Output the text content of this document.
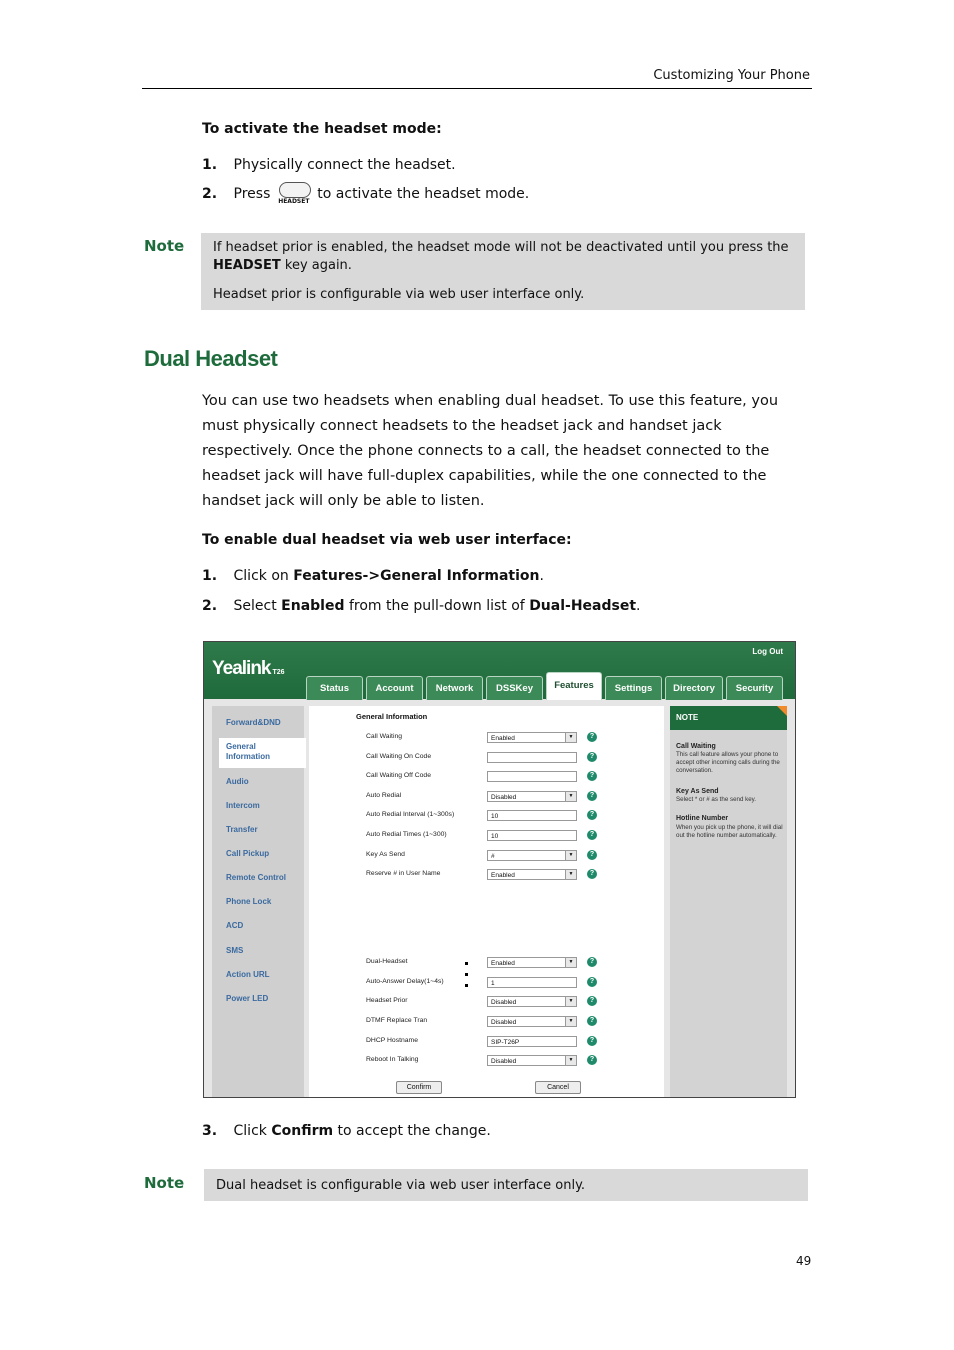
Customizing Your Phone
To activate the headset mode:
1. Physically connect the headset.
2. Press HEADSET to activate the headset mode.
Note If headset prior is enabled, the headset mode will not be deactivated until you press the HEADSET key again.
Headset prior is configurable via web user interface only.
Dual Headset
You can use two headsets when enabling dual headset. To use this feature, you must physically connect headsets to the headset jack and handset jack respectively. Once the phone connects to a call, the headset connected to the headset jack will have full-duplex capabilities, while the one connected to the handset jack will only be able to listen.
To enable dual headset via web user interface:
1. Click on Features->General Information.
2. Select Enabled from the pull-down list of Dual-Headset.
Yealink T26
Log Out
Status	Account	Network	DSSKey	Features	Settings	Directory	Security
Forward&DND
General Information
Audio
Intercom
Transfer
Call Pickup
Remote Control
Phone Lock
ACD
SMS
Action URL
Power LED
General Information
Call Waiting	Enabled	▼	?
Call Waiting On Code	?
Call Waiting Off Code	?
Auto Redial	Disabled	▼	?
Auto Redial Interval (1~300s)	10	?
Auto Redial Times (1~300)	10	?
Key As Send	#	▼	?
Reserve # in User Name	Enabled	▼	?
Dual-Headset	Enabled	▼	?
Auto-Answer Delay(1~4s)	1	?
Headset Prior	Disabled	▼	?
DTMF Replace Tran	Disabled	▼	?
DHCP Hostname	SIP-T26P	?
Reboot In Talking	Disabled	▼	?
Confirm	Cancel
NOTE
Call Waiting
This call feature allows your phone to accept other incoming calls during the conversation.
Key As Send
Select * or # as the send key.
Hotline Number
When you pick up the phone, it will dial out the hotline number automatically.
3. Click Confirm to accept the change.
Note Dual headset is configurable via web user interface only.
49
